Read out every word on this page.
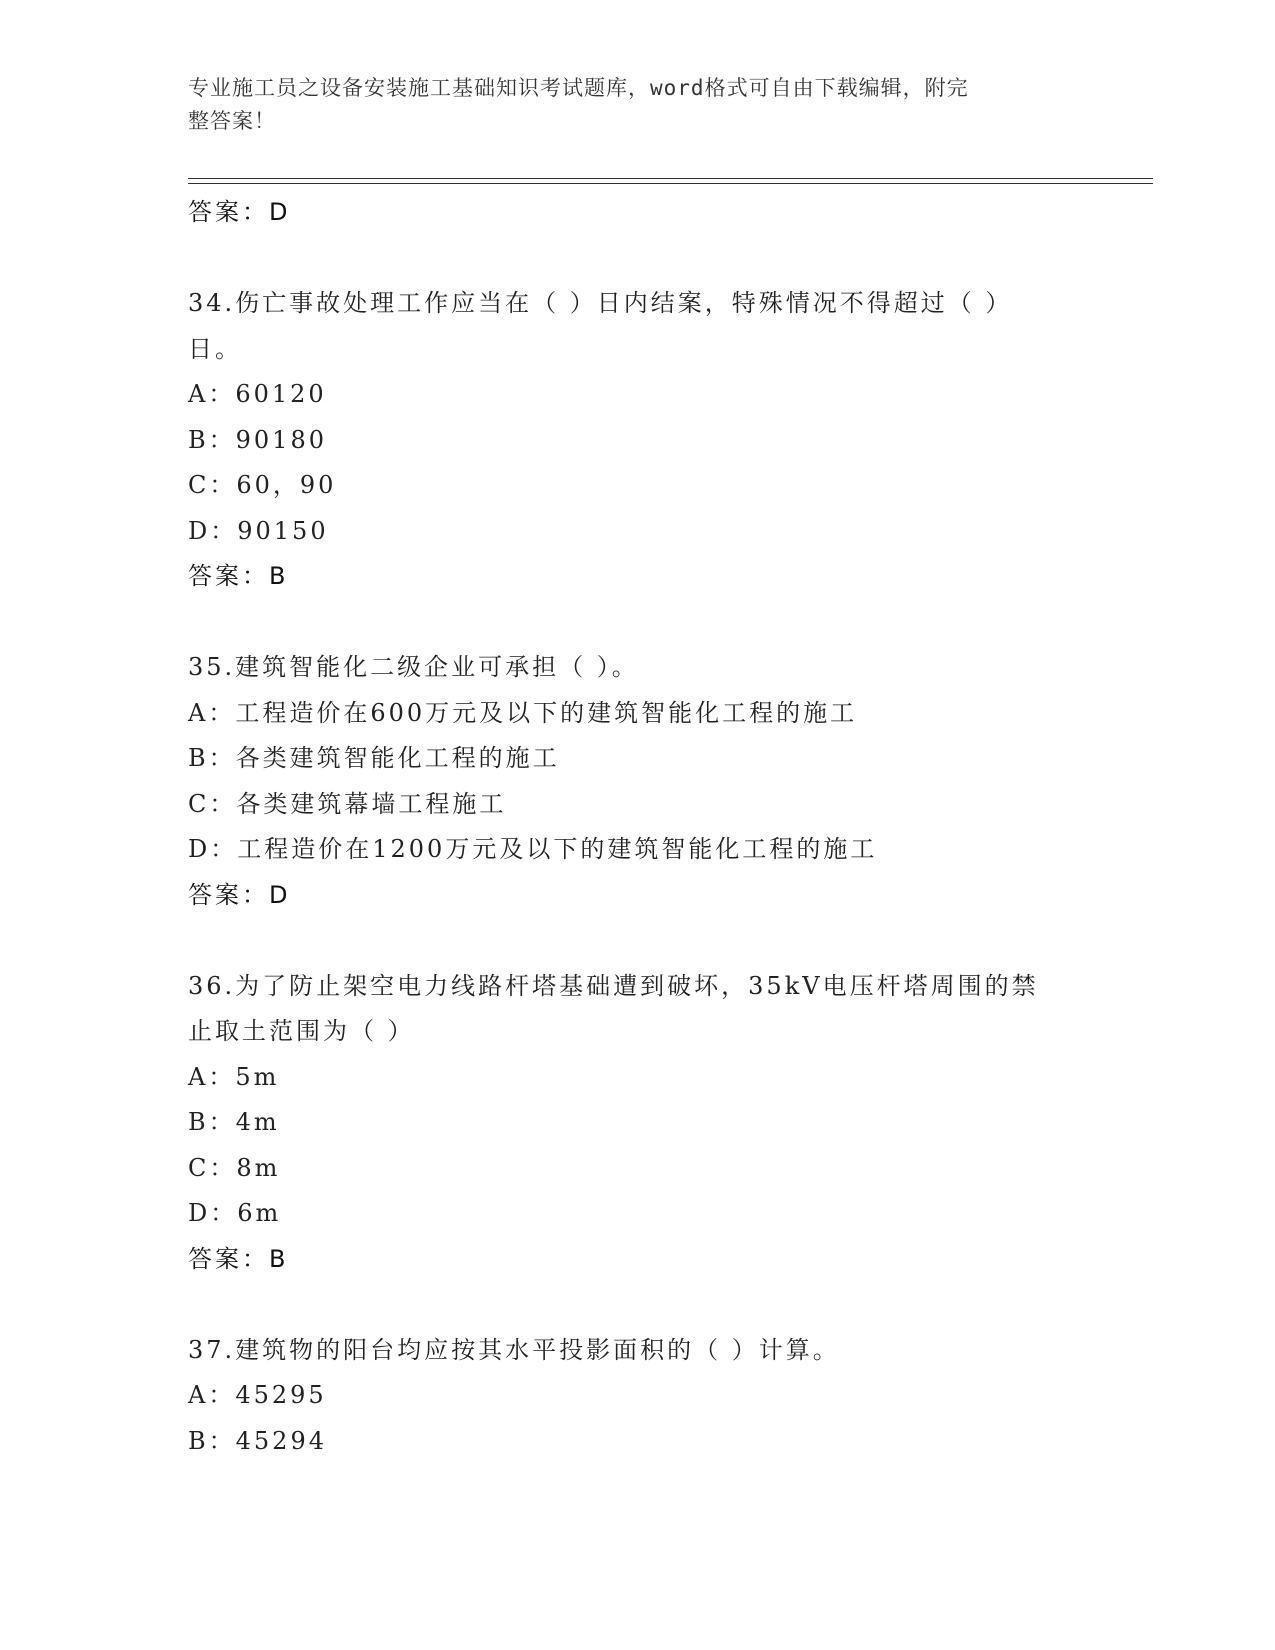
专业施工员之设备安装施工基础知识考试题库，word格式可自由下载编辑，附完
整答案！
答案：D
34.伤亡事故处理工作应当在（ ）日内结案，特殊情况不得超过（ ）
日。
A：60120
B：90180
C：60，90
D：90150
答案：B
35.建筑智能化二级企业可承担（ ）。
A：工程造价在600万元及以下的建筑智能化工程的施工
B：各类建筑智能化工程的施工
C：各类建筑幕墙工程施工
D：工程造价在1200万元及以下的建筑智能化工程的施工
答案：D
36.为了防止架空电力线路杆塔基础遭到破坏，35kV电压杆塔周围的禁
止取土范围为（ ）
A：5m
B：4m
C：8m
D：6m
答案：B
37.建筑物的阳台均应按其水平投影面积的（ ）计算。
A：45295
B：45294
